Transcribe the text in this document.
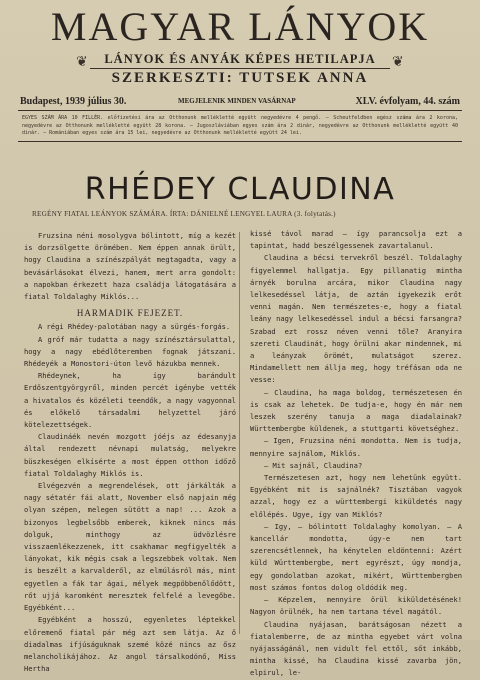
MAGYAR LÁNYOK
❦	LÁNYOK ÉS ANYÁK KÉPES HETILAPJA	❦
SZERKESZTI: TUTSEK ANNA
Budapest, 1939 július 30.	MEGJELENIK MINDEN VASÁRNAP	XLV. évfolyam, 44. szám
EGYES SZÁM ÁRA 10 FILLÉR. előfizetési ára az Otthonunk mellékletté együtt negyedévre 4 pengő. — Scheutfeldben egész száma ára 2 korona, negyedévre az Otthonunk mellékletté együtt 28 korona. — Jugoszláviában egyes szám ára 2 dinár, negyedévre az Otthonunk mellékletté együtt 40 dinár. — Romániában egyes szám ára 15 lei, negyedévre az Otthonunk mellékletté együtt 24 lei.
RHÉDEY CLAUDINA
REGÉNY FIATAL LEÁNYOK SZÁMÁRA. ÍRTA: DÁNIELNÉ LENGYEL LAURA (3. folytatás.)

Fruzsina néni mosolygva bólintott, míg a kezét is dorzsölgette örömében. Nem éppen annak örült, hogy Claudina a színészpályát megtagadta, vagy a bevásárlásokat élvezi, hanem, mert arra gondolt: a napokban érkezett haza családja látogatására a fiatal Toldalaghy Miklós...

HARMADIK FEJEZET.

A régi Rhédey-palotában nagy a sürgés-forgás.

A gróf már tudatta a nagy színésztársulattal, hogy a nagy ebédlőteremben fognak játszani. Rhédeyék a Monostori-úton levő házukba mennek.

Rhédeynek, ha így barándult Erdőszentgyörgyről, minden percét igénybe vették a hivatalos és közéleti teendők, a nagy vagyonnal és előkelő társadalmi helyzettel járó kötelezettségek.

Claudináék nevén mozgott jóéjs az édesanyja által rendezett névnapi mulatság, melyekre büszkeségen elkísérte a most éppen otthon időző fiatal Toldalaghy Miklós is.

Elvégezvén a megrendelések, ott járkálták a nagy sétatér fái alatt, November első napjain még olyan szépen, melegen sütött a nap! ... Azok a bizonyos legbelsőbb emberek, kiknek nincs más dolguk, minthogy az üdvözlésre visszaemlékezzenek, itt csakhamar megfigyelték a lányokat, kik mégis csak a legszebbek voltak. Nem is beszélt a karvalderől, az elmúlásról más, mint egyetlen a fák tar ágai, mélyek megpöbbenőlődött, rőt ujjá karomként meresztek felfelé a levegőbe. Egyébként...

Egyébként a hosszú, egyenletes léptekkel előremenő fiatal pár még azt sem látja. Az ő diadalmas ifjúságuknak szemé közé nincs az ősz melancholikájához. Az angol társalkodónő, Miss Hertha

kissé távol marad — így parancsolja ezt a tapintat, hadd beszélgessenek zavartalanul.

Claudina a bécsi tervekről beszél. Toldalaghy figyelemmel hallgatja. Egy pillanatig mintha árnyék borulna arcára, mikor Claudina nagy lelkesedéssel látja, de aztán igyekezik erőt venni magán. Nem természetes-e, hogy a fiatal leány nagy lelkesedéssel indul a bécsi farsangra? Szabad ezt rossz néven venni tőle? Aranyira szereti Claudinát, hogy örülni akar mindennek, mi a leányzak örömét, mulatságot szerez. Mindamellett nem állja meg, hogy tréfásan oda ne vesse:

— Claudina, ha maga boldog, természetesen én is csak az lehetek. De tudja-e, hogy én már nem leszek szerény tanuja a maga diadalainak? Württembergbe küldenek, a stuttgarti követséghez.

— Igen, Fruzsina néni mondotta. Nem is tudja, mennyire sajnálom, Miklós.

— Mit sajnál, Claudina?

Természetesen azt, hogy nem lehetünk együtt. Egyébként mit is sajnálnék? Tisztában vagyok azzal, hogy ez a württembergi kiküldetés nagy előlépés. Ugye, így van Miklós?

— Igy, — bólintott Toldalaghy komolyan. — A kancellár mondotta, úgy-e nem tart szerencsétlennek, ha kénytelen eldöntenni: Azért küld Württembergbe, mert egyrészt, úgy mondja, egy gondolatban azokat, mikért, Württembergben most számos fontos dolog oldódik meg.

— Képzelem, mennyire örül kiküldetésének! Nagyon örülnék, ha nem tartana tével magától.

Claudina nyájasan, barátságosan nézett a fiatalemberre, de az mintha egyebet várt volna nyájasságánál, nem vidult fel ettől, sőt inkább, mintha kissé, ha Claudina kissé zavarba jön, elpirul, le-
